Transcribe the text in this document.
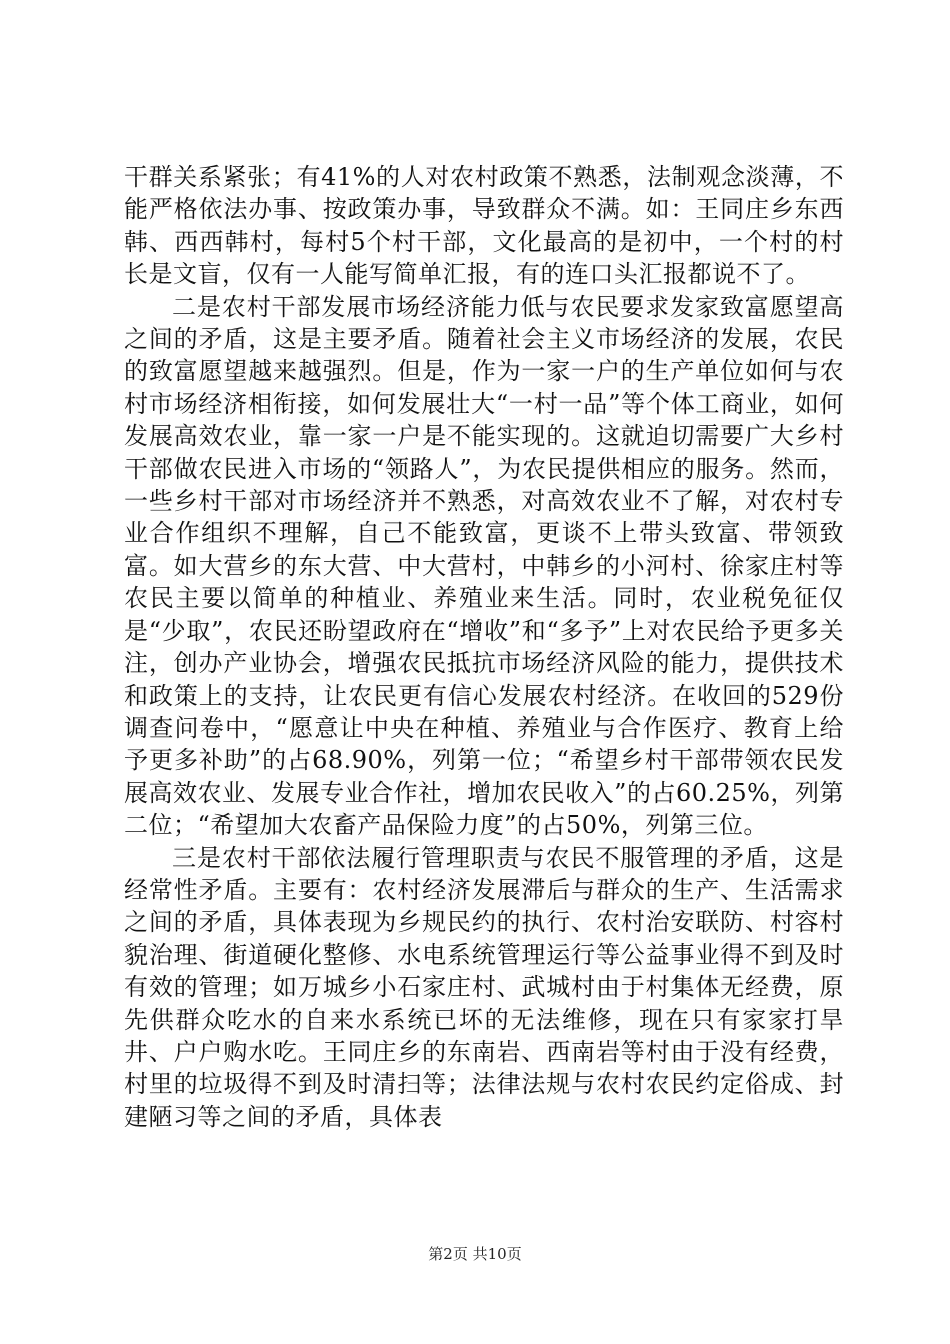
干群关系紧张；有41%的人对农村政策不熟悉，法制观念淡薄，不能严格依法办事、按政策办事，导致群众不满。如：王同庄乡东西韩、西西韩村，每村5个村干部，文化最高的是初中，一个村的村长是文盲，仅有一人能写简单汇报，有的连口头汇报都说不了。

二是农村干部发展市场经济能力低与农民要求发家致富愿望高之间的矛盾，这是主要矛盾。随着社会主义市场经济的发展，农民的致富愿望越来越强烈。但是，作为一家一户的生产单位如何与农村市场经济相衔接，如何发展壮大“一村一品”等个体工商业，如何发展高效农业，靠一家一户是不能实现的。这就迫切需要广大乡村干部做农民进入市场的“领路人”，为农民提供相应的服务。然而，一些乡村干部对市场经济并不熟悉，对高效农业不了解，对农村专业合作组织不理解，自己不能致富，更谈不上带头致富、带领致富。如大营乡的东大营、中大营村，中韩乡的小河村、徐家庄村等农民主要以简单的种植业、养殖业来生活。同时，农业税免征仅是“少取”，农民还盼望政府在“增收”和“多予”上对农民给予更多关注，创办产业协会，增强农民抵抗市场经济风险的能力，提供技术和政策上的支持，让农民更有信心发展农村经济。在收回的529份调查问卷中，“愿意让中央在种植、养殖业与合作医疗、教育上给予更多补助”的占68.90%，列第一位；“希望乡村干部带领农民发展高效农业、发展专业合作社，增加农民收入”的占60.25%，列第二位；“希望加大农畜产品保险力度”的占50%，列第三位。

三是农村干部依法履行管理职责与农民不服管理的矛盾，这是经常性矛盾。主要有：农村经济发展滞后与群众的生产、生活需求之间的矛盾，具体表现为乡规民约的执行、农村治安联防、村容村貌治理、街道硬化整修、水电系统管理运行等公益事业得不到及时有效的管理；如万城乡小石家庄村、武城村由于村集体无经费，原先供群众吃水的自来水系统已坏的无法维修，现在只有家家打旱井、户户购水吃。王同庄乡的东南岩、西南岩等村由于没有经费，村里的垃圾得不到及时清扫等；法律法规与农村农民约定俗成、封建陋习等之间的矛盾，具体表

第2页 共10页
